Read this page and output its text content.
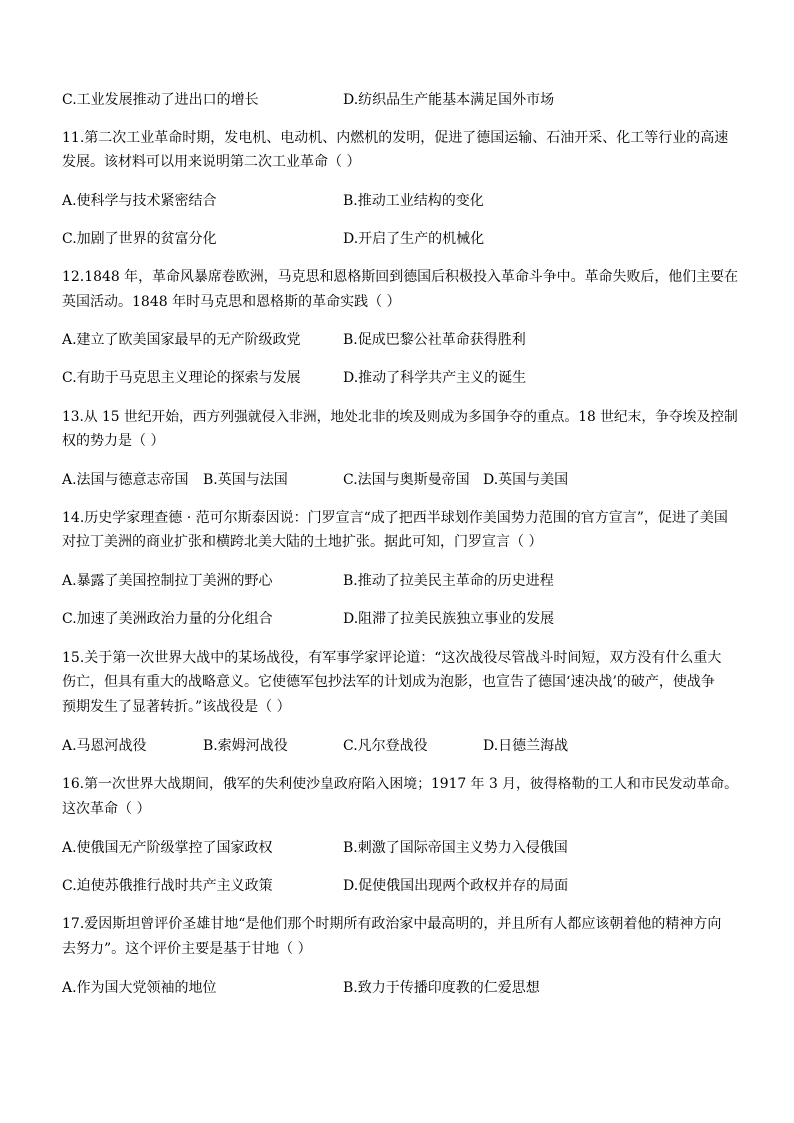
C.工业发展推动了进出口的增长	D.纺织品生产能基本满足国外市场
11.第二次工业革命时期，发电机、电动机、内燃机的发明，促进了德国运输、石油开采、化工等行业的高速
发展。该材料可以用来说明第二次工业革命（ ）
A.使科学与技术紧密结合	B.推动工业结构的变化
C.加剧了世界的贫富分化	D.开启了生产的机械化
12.1848 年，革命风暴席卷欧洲，马克思和恩格斯回到德国后积极投入革命斗争中。革命失败后，他们主要在
英国活动。1848 年时马克思和恩格斯的革命实践（ ）
A.建立了欧美国家最早的无产阶级政党	B.促成巴黎公社革命获得胜利
C.有助于马克思主义理论的探索与发展	D.推动了科学共产主义的诞生
13.从 15 世纪开始，西方列强就侵入非洲，地处北非的埃及则成为多国争夺的重点。18 世纪末，争夺埃及控制
权的势力是（ ）
A.法国与德意志帝国 B.英国与法国	C.法国与奥斯曼帝国 D.英国与美国
14.历史学家理查德 · 范可尔斯泰因说：门罗宣言“成了把西半球划作美国势力范围的官方宣言”，促进了美国
对拉丁美洲的商业扩张和横跨北美大陆的土地扩张。据此可知，门罗宣言（ ）
A.暴露了美国控制拉丁美洲的野心	B.推动了拉美民主革命的历史进程
C.加速了美洲政治力量的分化组合	D.阻滞了拉美民族独立事业的发展
15.关于第一次世界大战中的某场战役，有军事学家评论道：“这次战役尽管战斗时间短，双方没有什么重大
伤亡，但具有重大的战略意义。它使德军包抄法军的计划成为泡影，也宣告了德国‘速决战’的破产，使战争
预期发生了显著转折。”该战役是（ ）
A.马恩河战役	B.索姆河战役	C.凡尔登战役	D.日德兰海战
16.第一次世界大战期间，俄军的失利使沙皇政府陷入困境；1917 年 3 月，彼得格勒的工人和市民发动革命。
这次革命（ ）
A.使俄国无产阶级掌控了国家政权	B.刺激了国际帝国主义势力入侵俄国
C.迫使苏俄推行战时共产主义政策	D.促使俄国出现两个政权并存的局面
17.爱因斯坦曾评价圣雄甘地“是他们那个时期所有政治家中最高明的，并且所有人都应该朝着他的精神方向
去努力”。这个评价主要是基于甘地（ ）
A.作为国大党领袖的地位	B.致力于传播印度教的仁爱思想
